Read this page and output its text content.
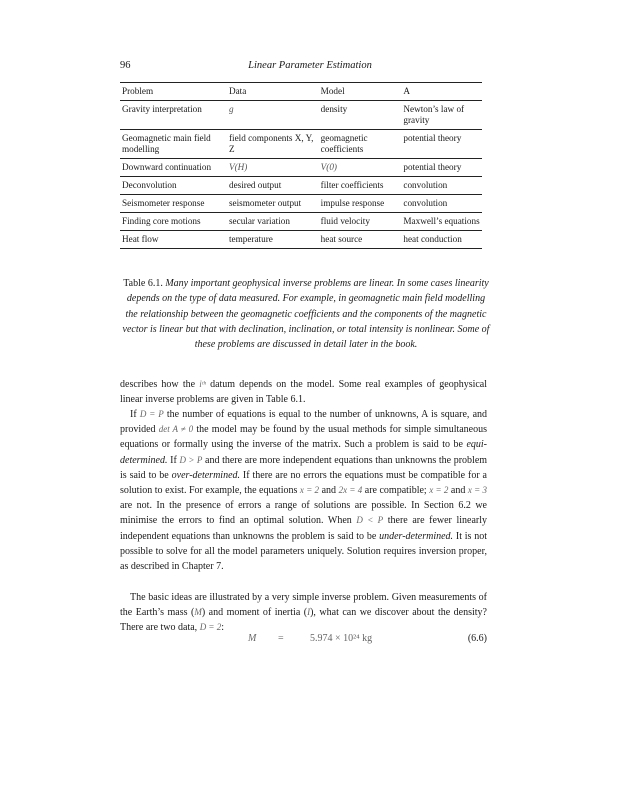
96	Linear Parameter Estimation
Problem	Data	Model	A
Gravity interpretation	g	density	Newton’s law of gravity
Geomagnetic main field modelling	field components X, Y, Z	geomagnetic coefficients	potential theory
Downward continuation	V(H)	V(0)	potential theory
Deconvolution	desired output	filter coefficients	convolution
Seismometer response	seismometer output	impulse response	convolution
Finding core motions	secular variation	fluid velocity	Maxwell’s equations
Heat flow	temperature	heat source	heat conduction
Table 6.1. Many important geophysical inverse problems are linear. In some cases linearity depends on the type of data measured. For example, in geomagnetic main field modelling the relationship between the geomagnetic coefficients and the components of the magnetic vector is linear but that with declination, inclination, or total intensity is nonlinear. Some of these problems are discussed in detail later in the book.

describes how the iᵗʰ datum depends on the model. Some real examples of geophysical linear inverse problems are given in Table 6.1.

If D = P the number of equations is equal to the number of unknowns, A is square, and provided det A ≠ 0 the model may be found by the usual methods for simple simultaneous equations or formally using the inverse of the matrix. Such a problem is said to be equi-determined. If D > P and there are more independent equations than unknowns the problem is said to be over-determined. If there are no errors the equations must be compatible for a solution to exist. For example, the equations x = 2 and 2x = 4 are compatible; x = 2 and x = 3 are not. In the presence of errors a range of solutions are possible. In Section 6.2 we minimise the errors to find an optimal solution. When D < P there are fewer linearly independent equations than unknowns the problem is said to be under-determined. It is not possible to solve for all the model parameters uniquely. Solution requires inversion proper, as described in Chapter 7.

The basic ideas are illustrated by a very simple inverse problem. Given measurements of the Earth’s mass (M) and moment of inertia (I), what can we discover about the density? There are two data, D = 2:

M =	5.974 × 10²⁴ kg	(6.6)
